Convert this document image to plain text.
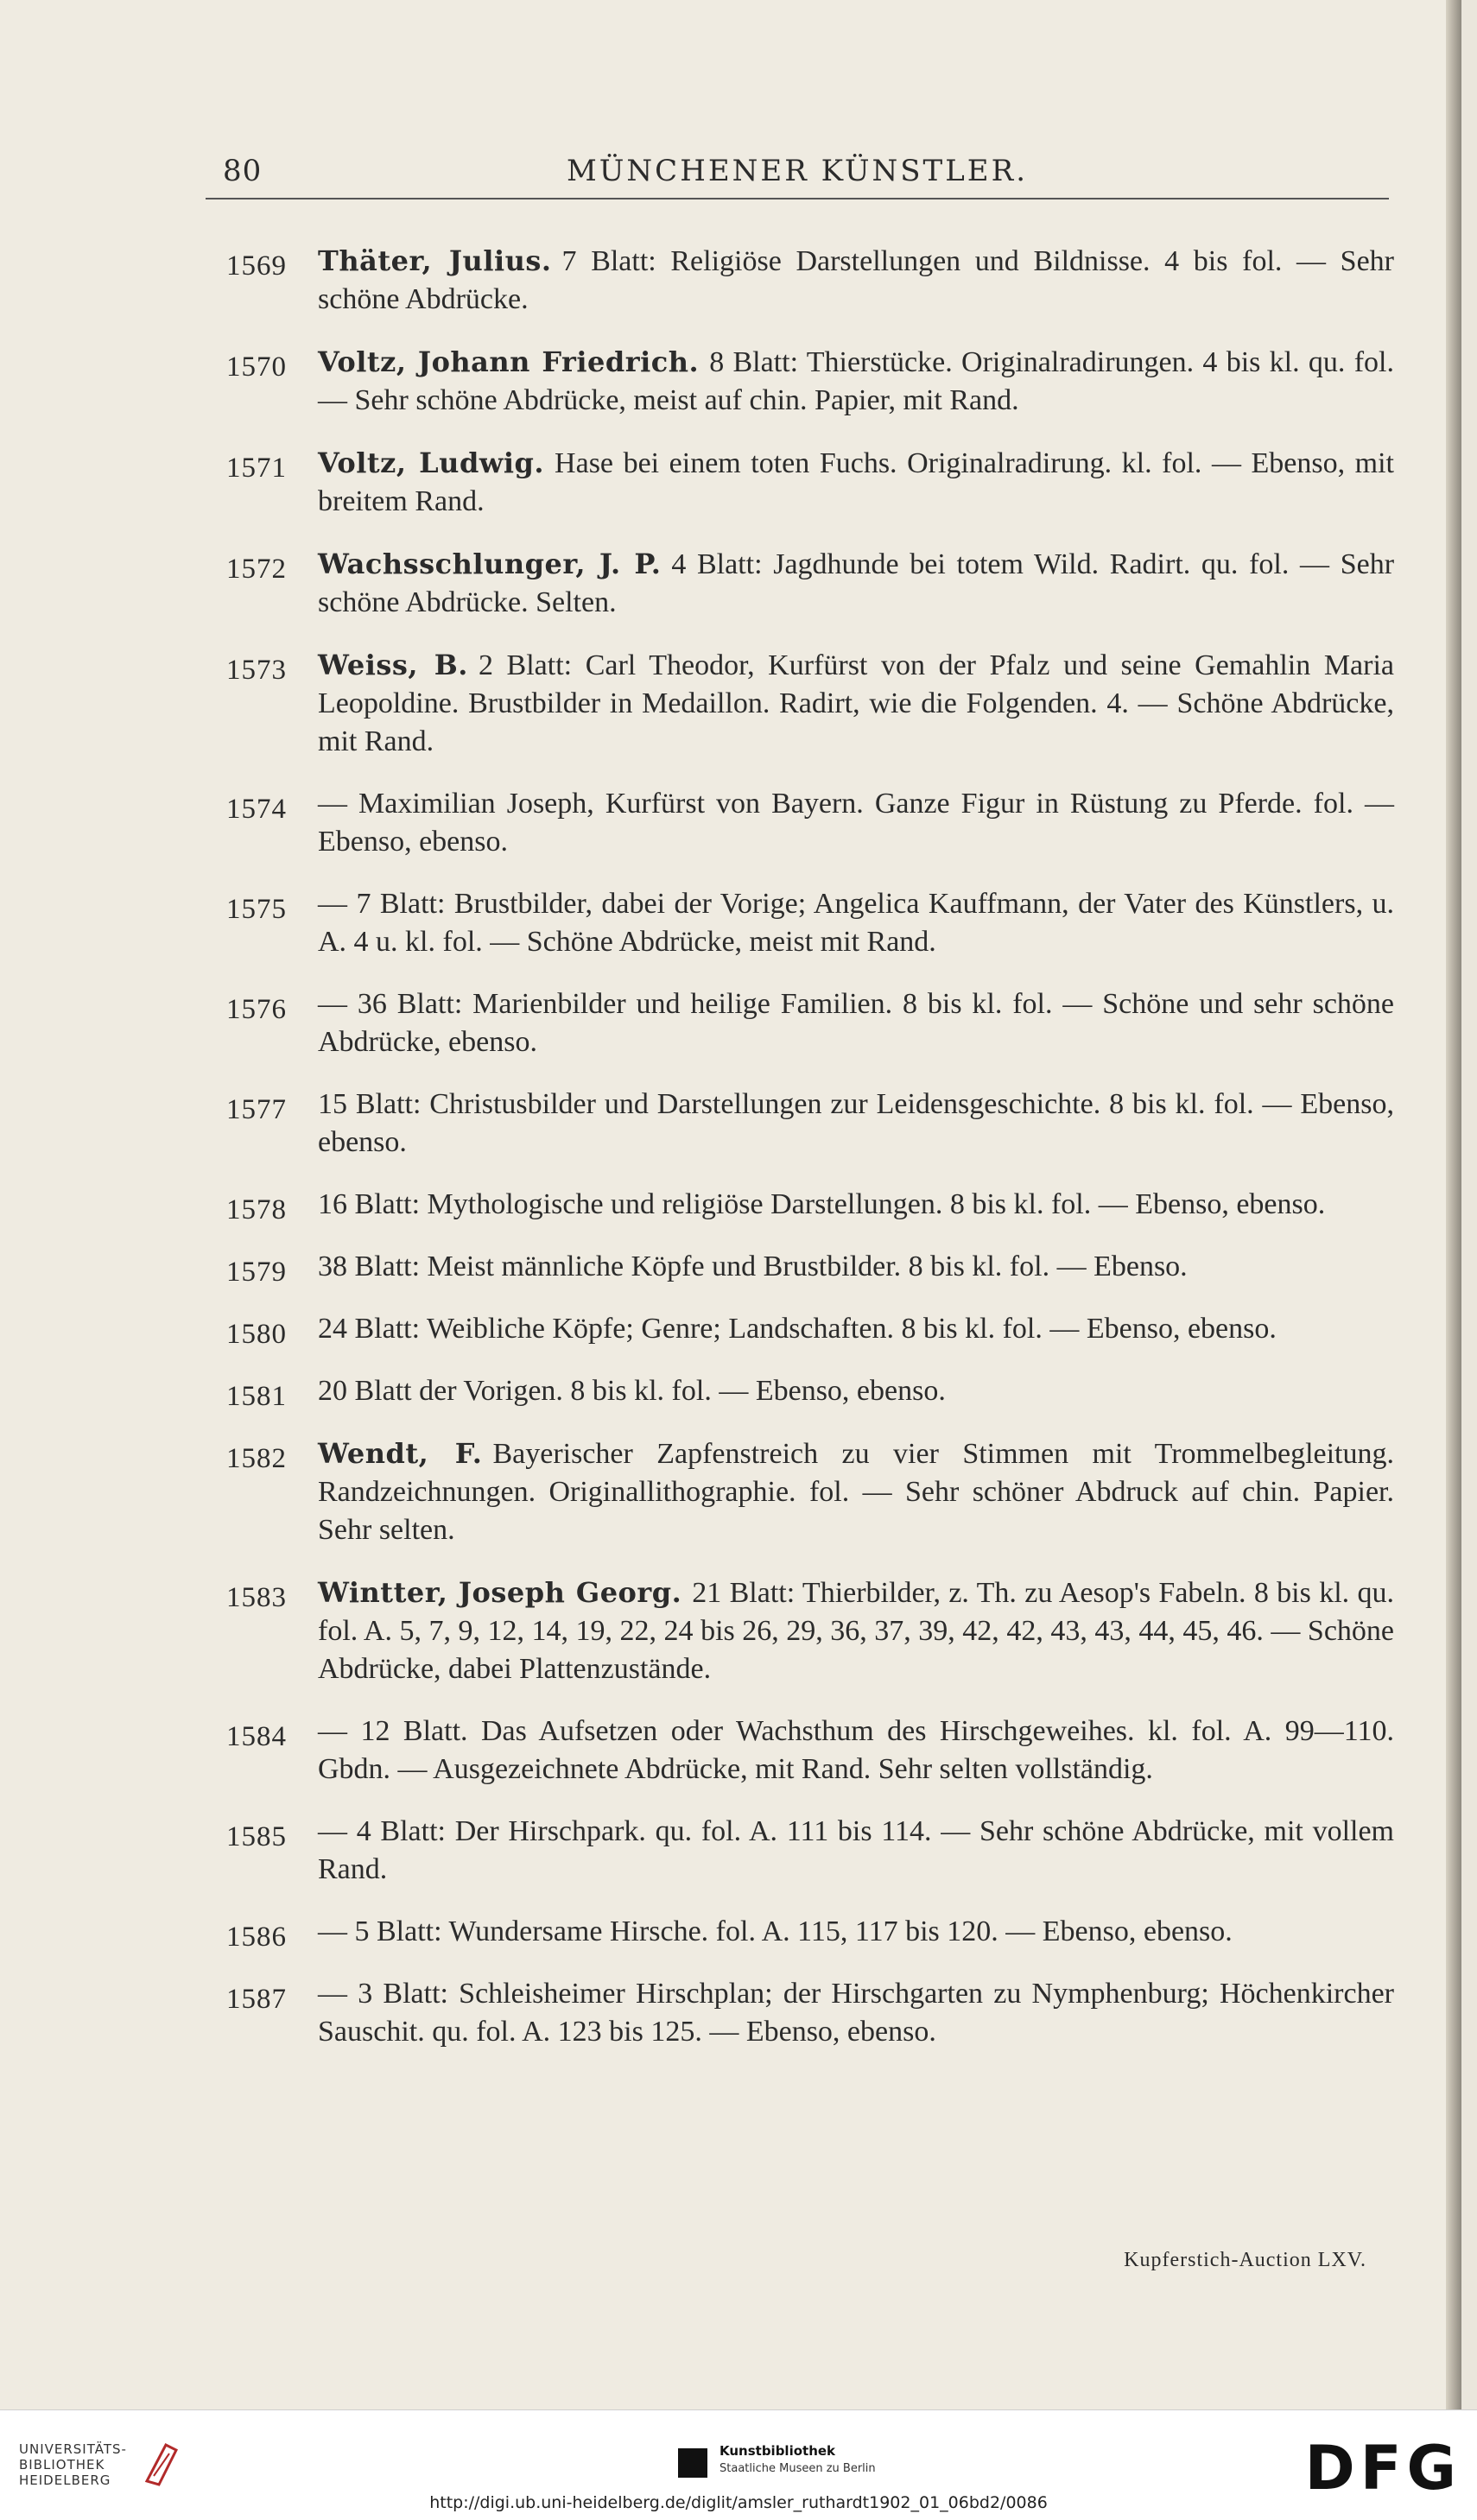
80	MÜNCHENER KÜNSTLER.
1569 Thäter, Julius. 7 Blatt: Religiöse Darstellungen und Bildnisse. 4 bis fol. — Sehr schöne Abdrücke.
1570 Voltz, Johann Friedrich. 8 Blatt: Thierstücke. Originalradirungen. 4 bis kl. qu. fol. — Sehr schöne Abdrücke, meist auf chin. Papier, mit Rand.
1571 Voltz, Ludwig. Hase bei einem toten Fuchs. Originalradirung. kl. fol. — Ebenso, mit breitem Rand.
1572 Wachsschlunger, J. P. 4 Blatt: Jagdhunde bei totem Wild. Radirt. qu. fol. — Sehr schöne Abdrücke. Selten.
1573 Weiss, B. 2 Blatt: Carl Theodor, Kurfürst von der Pfalz und seine Gemahlin Maria Leopoldine. Brustbilder in Medaillon. Radirt, wie die Folgenden. 4. — Schöne Abdrücke, mit Rand.
1574 — Maximilian Joseph, Kurfürst von Bayern. Ganze Figur in Rüstung zu Pferde. fol. — Ebenso, ebenso.
1575 — 7 Blatt: Brustbilder, dabei der Vorige; Angelica Kauffmann, der Vater des Künstlers, u. A. 4 u. kl. fol. — Schöne Abdrücke, meist mit Rand.
1576 — 36 Blatt: Marienbilder und heilige Familien. 8 bis kl. fol. — Schöne und sehr schöne Abdrücke, ebenso.
1577 15 Blatt: Christusbilder und Darstellungen zur Leidensgeschichte. 8 bis kl. fol. — Ebenso, ebenso.
1578 16 Blatt: Mythologische und religiöse Darstellungen. 8 bis kl. fol. — Ebenso, ebenso.
1579 38 Blatt: Meist männliche Köpfe und Brustbilder. 8 bis kl. fol. — Ebenso.
1580 24 Blatt: Weibliche Köpfe; Genre; Landschaften. 8 bis kl. fol. — Ebenso, ebenso.
1581 20 Blatt der Vorigen. 8 bis kl. fol. — Ebenso, ebenso.
1582 Wendt, F. Bayerischer Zapfenstreich zu vier Stimmen mit Trommelbegleitung. Randzeichnungen. Originallithographie. fol. — Sehr schöner Abdruck auf chin. Papier. Sehr selten.
1583 Wintter, Joseph Georg. 21 Blatt: Thierbilder, z. Th. zu Aesop's Fabeln. 8 bis kl. qu. fol. A. 5, 7, 9, 12, 14, 19, 22, 24 bis 26, 29, 36, 37, 39, 42, 42, 43, 43, 44, 45, 46. — Schöne Abdrücke, dabei Plattenzustände.
1584 — 12 Blatt. Das Aufsetzen oder Wachsthum des Hirschgeweihes. kl. fol. A. 99—110. Gbdn. — Ausgezeichnete Abdrücke, mit Rand. Sehr selten vollständig.
1585 — 4 Blatt: Der Hirschpark. qu. fol. A. 111 bis 114. — Sehr schöne Abdrücke, mit vollem Rand.
1586 — 5 Blatt: Wundersame Hirsche. fol. A. 115, 117 bis 120. — Ebenso, ebenso.
1587 — 3 Blatt: Schleisheimer Hirschplan; der Hirschgarten zu Nymphenburg; Höchenkircher Sauschit. qu. fol. A. 123 bis 125. — Ebenso, ebenso.
Kupferstich-Auction LXV.
UNIVERSITÄTS-
BIBLIOTHEK
HEIDELBERG
Kunstbibliothek
Staatliche Museen zu Berlin	DFG
http://digi.ub.uni-heidelberg.de/diglit/amsler_ruthardt1902_01_06bd2/0086
